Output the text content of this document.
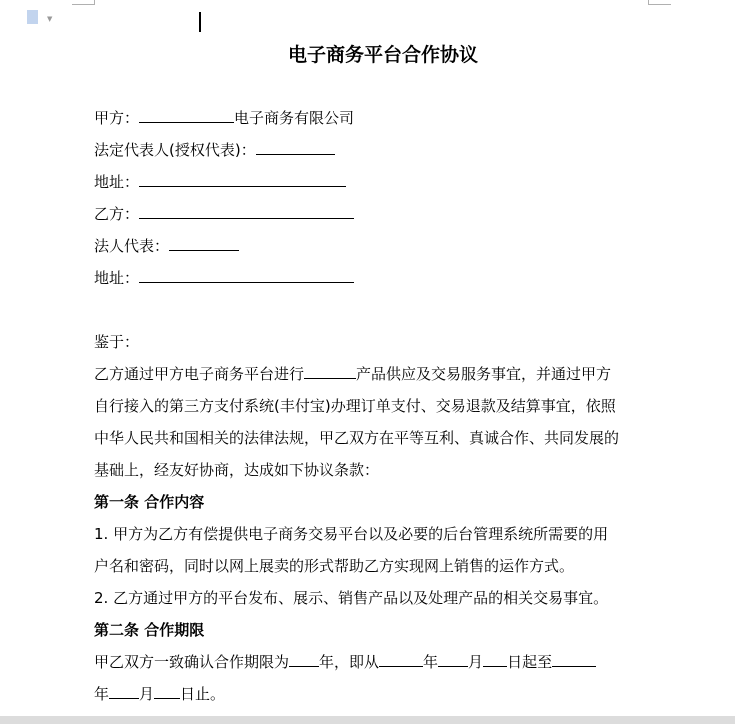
▼
电子商务平台合作协议
甲方：	电子商务有限公司
法定代表人(授权代表)：
地址：
乙方：
法人代表：
地址：
鉴于：
乙方通过甲方电子商务平台进行	产品供应及交易服务事宜，并通过甲方
自行接入的第三方支付系统(丰付宝)办理订单支付、交易退款及结算事宜，依照
中华人民共和国相关的法律法规，甲乙双方在平等互利、真诚合作、共同发展的
基础上，经友好协商，达成如下协议条款：
第一条 合作内容
1. 甲方为乙方有偿提供电子商务交易平台以及必要的后台管理系统所需要的用
户名和密码，同时以网上展卖的形式帮助乙方实现网上销售的运作方式。
2. 乙方通过甲方的平台发布、展示、销售产品以及处理产品的相关交易事宜。
第二条 合作期限
甲乙双方一致确认合作期限为 年，即从	年 月 日起至
年 月 日止。
